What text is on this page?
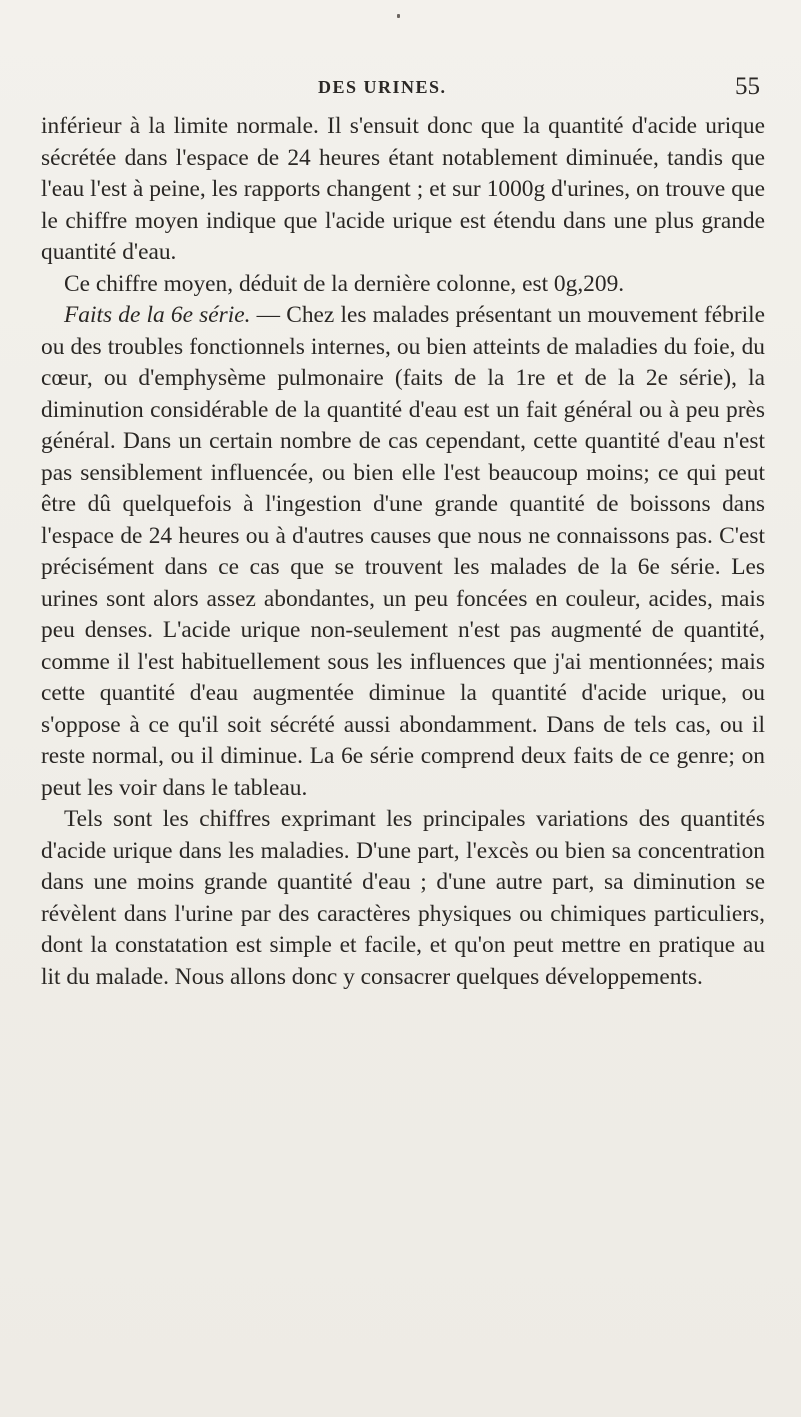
DES URINES.	55

inférieur à la limite normale. Il s'ensuit donc que la quantité d'acide urique sécrétée dans l'espace de 24 heures étant notablement diminuée, tandis que l'eau l'est à peine, les rapports changent ; et sur 1000g d'urines, on trouve que le chiffre moyen indique que l'acide urique est étendu dans une plus grande quantité d'eau.

Ce chiffre moyen, déduit de la dernière colonne, est 0g,209.

Faits de la 6e série. — Chez les malades présentant un mouvement fébrile ou des troubles fonctionnels internes, ou bien atteints de maladies du foie, du cœur, ou d'emphysème pulmonaire (faits de la 1re et de la 2e série), la diminution considérable de la quantité d'eau est un fait général ou à peu près général. Dans un certain nombre de cas cependant, cette quantité d'eau n'est pas sensiblement influencée, ou bien elle l'est beaucoup moins; ce qui peut être dû quelquefois à l'ingestion d'une grande quantité de boissons dans l'espace de 24 heures ou à d'autres causes que nous ne connaissons pas. C'est précisément dans ce cas que se trouvent les malades de la 6e série. Les urines sont alors assez abondantes, un peu foncées en couleur, acides, mais peu denses. L'acide urique non-seulement n'est pas augmenté de quantité, comme il l'est habituellement sous les influences que j'ai mentionnées; mais cette quantité d'eau augmentée diminue la quantité d'acide urique, ou s'oppose à ce qu'il soit sécrété aussi abondamment. Dans de tels cas, ou il reste normal, ou il diminue. La 6e série comprend deux faits de ce genre; on peut les voir dans le tableau.

Tels sont les chiffres exprimant les principales variations des quantités d'acide urique dans les maladies. D'une part, l'excès ou bien sa concentration dans une moins grande quantité d'eau ; d'une autre part, sa diminution se révèlent dans l'urine par des caractères physiques ou chimiques particuliers, dont la constatation est simple et facile, et qu'on peut mettre en pratique au lit du malade. Nous allons donc y consacrer quelques développements.
